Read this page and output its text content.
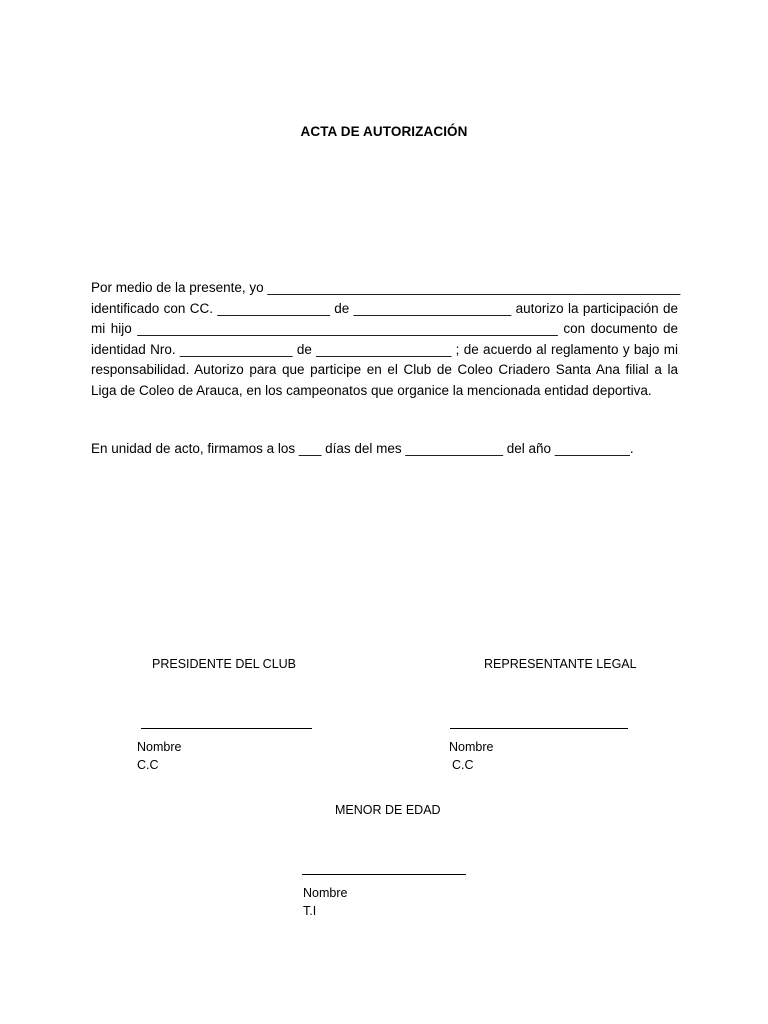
ACTA DE AUTORIZACIÓN
Por medio de la presente, yo _______________________________________________________
identificado con CC. _______________ de _____________________ autorizo la participación de
mi hijo ________________________________________________________ con documento de
identidad Nro. _______________ de __________________ ; de acuerdo al reglamento y bajo mi
responsabilidad. Autorizo para que participe en el Club de Coleo Criadero Santa Ana filial a la
Liga de Coleo de Arauca, en los campeonatos que organice la mencionada entidad deportiva.
En unidad de acto, firmamos a los ___ días del mes _____________ del año __________.
PRESIDENTE DEL CLUB
Nombre
C.C
REPRESENTANTE LEGAL
Nombre
C.C
MENOR DE EDAD
Nombre
T.I
